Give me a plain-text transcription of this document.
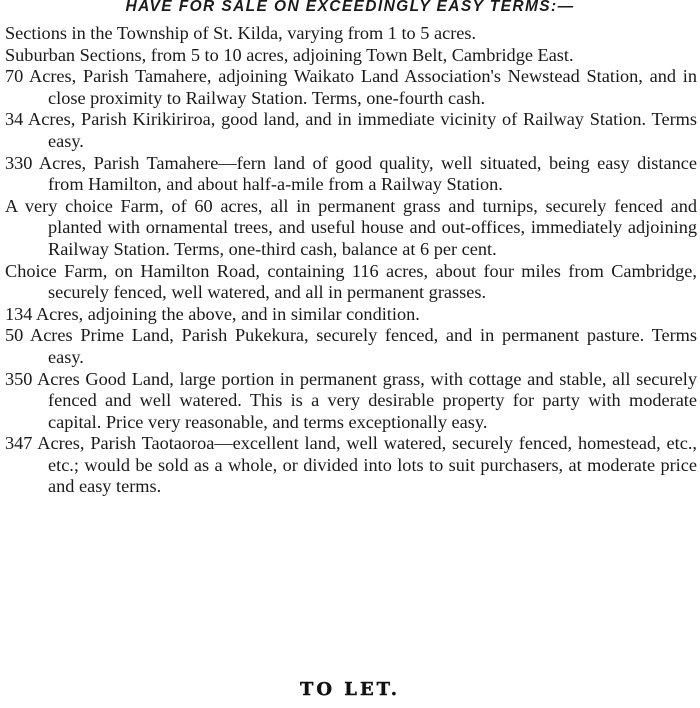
HAVE FOR SALE ON EXCEEDINGLY EASY TERMS:—
Sections in the Township of St. Kilda, varying from 1 to 5 acres.
Suburban Sections, from 5 to 10 acres, adjoining Town Belt, Cambridge East.
70 Acres, Parish Tamahere, adjoining Waikato Land Association's Newstead Station, and in close proximity to Railway Station. Terms, one-fourth cash.
34 Acres, Parish Kirikiriroa, good land, and in immediate vicinity of Railway Station. Terms easy.
330 Acres, Parish Tamahere—fern land of good quality, well situated, being easy distance from Hamilton, and about half-a-mile from a Railway Station.
A very choice Farm, of 60 acres, all in permanent grass and turnips, securely fenced and planted with ornamental trees, and useful house and out-offices, immediately adjoining Railway Station. Terms, one-third cash, balance at 6 per cent.
Choice Farm, on Hamilton Road, containing 116 acres, about four miles from Cambridge, securely fenced, well watered, and all in permanent grasses.
134 Acres, adjoining the above, and in similar condition.
50 Acres Prime Land, Parish Pukekura, securely fenced, and in permanent pasture. Terms easy.
350 Acres Good Land, large portion in permanent grass, with cottage and stable, all securely fenced and well watered. This is a very desirable property for party with moderate capital. Price very reasonable, and terms exceptionally easy.
347 Acres, Parish Taotaoroa—excellent land, well watered, securely fenced, homestead, etc., etc.; would be sold as a whole, or divided into lots to suit purchasers, at moderate price and easy terms.
TO LET.
